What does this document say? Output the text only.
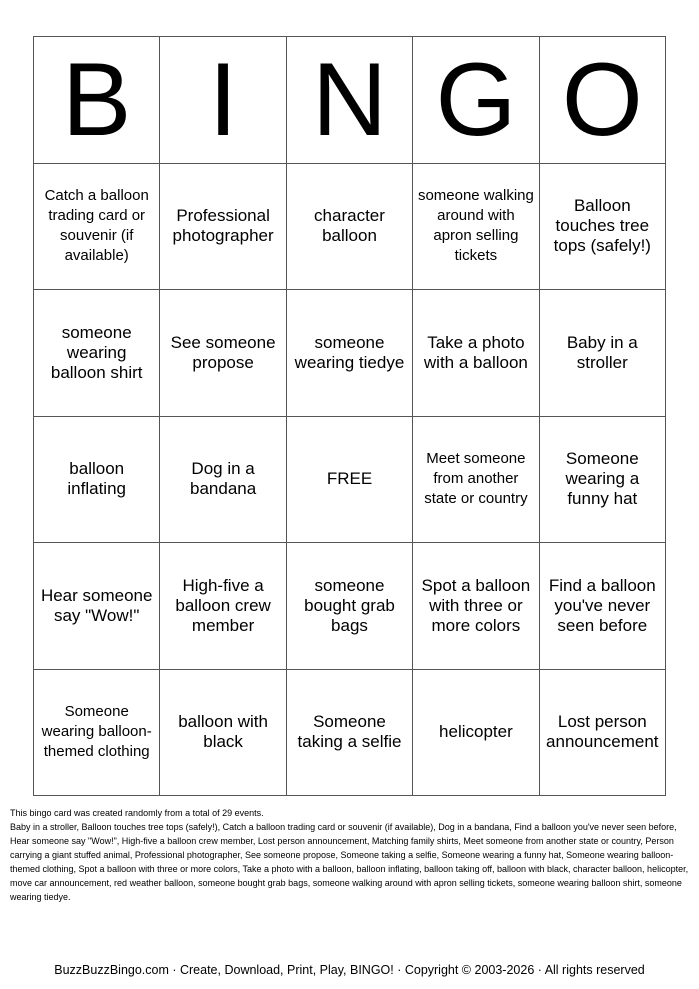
B I N G O
Catch a balloon trading card or souvenir (if available)
Professional photographer
character balloon
someone walking around with apron selling tickets
Balloon touches tree tops (safely!)
someone wearing balloon shirt
See someone propose
someone wearing tiedye
Take a photo with a balloon
Baby in a stroller
balloon inflating
Dog in a bandana
FREE
Meet someone from another state or country
Someone wearing a funny hat
Hear someone say "Wow!"
High-five a balloon crew member
someone bought grab bags
Spot a balloon with three or more colors
Find a balloon you've never seen before
Someone wearing balloon-themed clothing
balloon with black
Someone taking a selfie
helicopter
Lost person announcement

This bingo card was created randomly from a total of 29 events.

Baby in a stroller, Balloon touches tree tops (safely!), Catch a balloon trading card or souvenir (if available), Dog in a bandana, Find a balloon you've never seen before, Hear someone say "Wow!", High-five a balloon crew member, Lost person announcement, Matching family shirts, Meet someone from another state or country, Person carrying a giant stuffed animal, Professional photographer, See someone propose, Someone taking a selfie, Someone wearing a funny hat, Someone wearing balloon-themed clothing, Spot a balloon with three or more colors, Take a photo with a balloon, balloon inflating, balloon taking off, balloon with black, character balloon, helicopter, move car announcement, red weather balloon, someone bought grab bags, someone walking around with apron selling tickets, someone wearing balloon shirt, someone wearing tiedye.

BuzzBuzzBingo.com · Create, Download, Print, Play, BINGO! · Copyright © 2003-2026 · All rights reserved
